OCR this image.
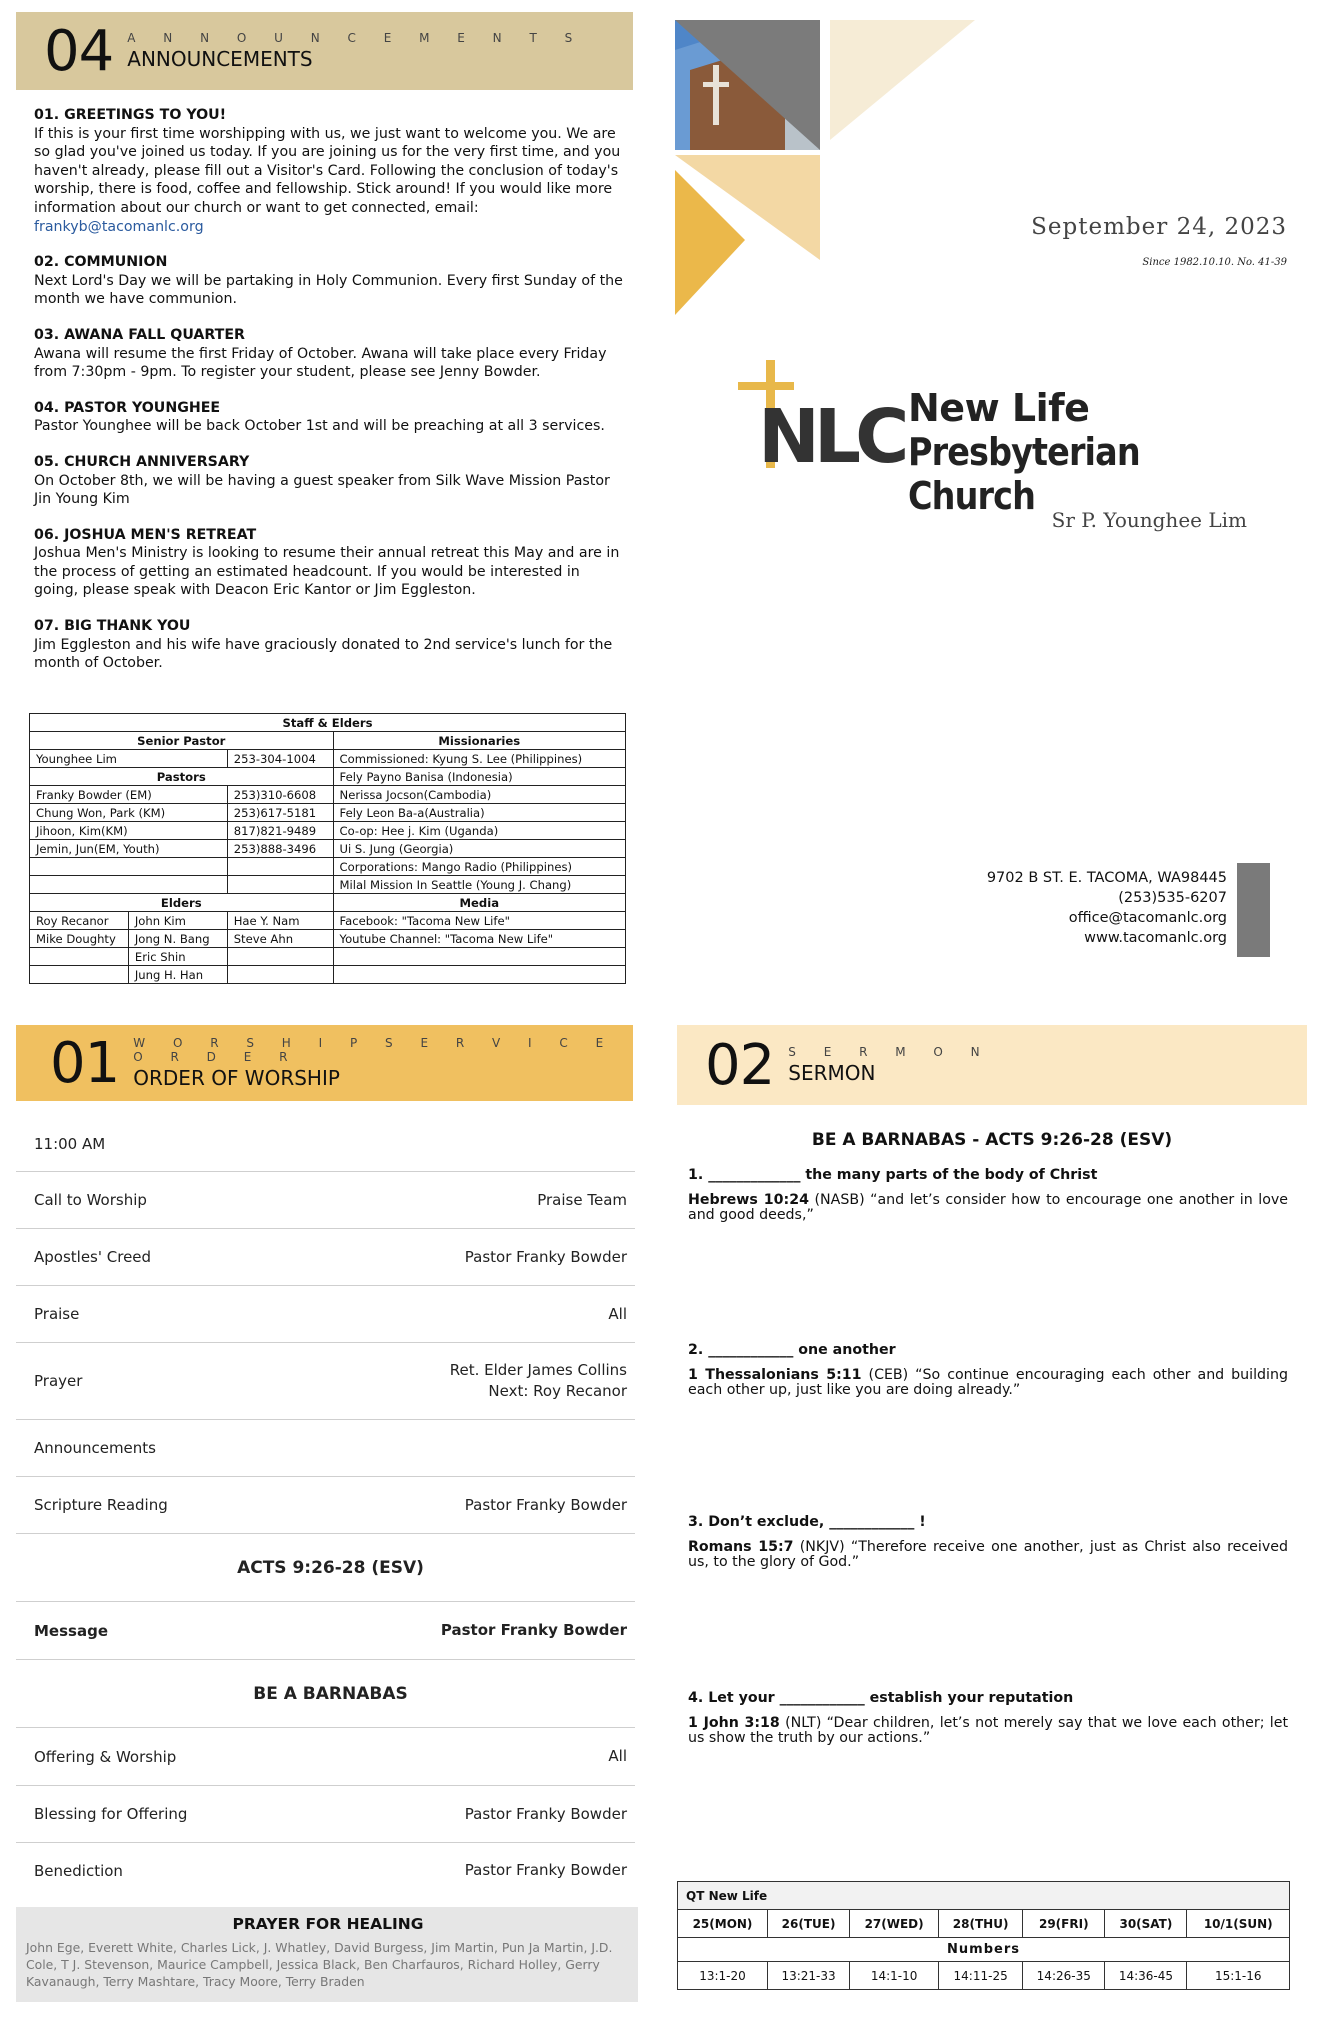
04 A N N O U N C E M E N T S
ANNOUNCEMENTS
01. GREETINGS TO YOU!
If this is your first time worshipping with us, we just want to welcome you. We are so glad you've joined us today. If you are joining us for the very first time, and you haven't already, please fill out a Visitor's Card. Following the conclusion of today's worship, there is food, coffee and fellowship. Stick around! If you would like more information about our church or want to get connected, email: frankyb@tacomanlc.org
02. COMMUNION
Next Lord's Day we will be partaking in Holy Communion. Every first Sunday of the month we have communion.
03. AWANA FALL QUARTER
Awana will resume the first Friday of October. Awana will take place every Friday from 7:30pm - 9pm. To register your student, please see Jenny Bowder.
04. PASTOR YOUNGHEE
Pastor Younghee will be back October 1st and will be preaching at all 3 services.
05. CHURCH ANNIVERSARY
On October 8th, we will be having a guest speaker from Silk Wave Mission Pastor Jin Young Kim
06. JOSHUA MEN'S RETREAT
Joshua Men's Ministry is looking to resume their annual retreat this May and are in the process of getting an estimated headcount. If you would be interested in going, please speak with Deacon Eric Kantor or Jim Eggleston.
07. BIG THANK YOU
Jim Eggleston and his wife have graciously donated to 2nd service's lunch for the month of October.
Staff & Elders			
Senior Pastor			Missionaries
Younghee Lim		253-304-1004	Commissioned: Kyung S. Lee (Philippines)
Pastors			Fely Payno Banisa (Indonesia)
Franky Bowder (EM)		253)310-6608	Nerissa Jocson(Cambodia)
Chung Won, Park (KM)		253)617-5181	Fely Leon Ba-a(Australia)
Jihoon, Kim(KM)		817)821-9489	Co-op: Hee j. Kim (Uganda)
Jemin, Jun(EM, Youth)		253)888-3496	Ui S. Jung (Georgia)
			Corporations: Mango Radio (Philippines)
			Milal Mission In Seattle (Young J. Chang)
Elders			Media
Roy Recanor	John Kim	Hae Y. Nam	Facebook: "Tacoma New Life"
Mike Doughty	Jong N. Bang	Steve Ahn	Youtube Channel: "Tacoma New Life"
	Eric Shin		
	Jung H. Han		
September 24, 2023
Since 1982.10.10. No. 41-39
NLC New Life
Presbyterian Church
Sr P. Younghee Lim
9702 B ST. E. TACOMA, WA98445
(253)535-6207
office@tacomanlc.org
www.tacomanlc.org
01 W O R S H I P S E R V I C E O R D E R
ORDER OF WORSHIP
11:00 AM
Call to Worship	Praise Team
Apostles' Creed	Pastor Franky Bowder
Praise	All
Prayer
Ret. Elder James Collins
Next: Roy Recanor
Announcements
Scripture Reading	Pastor Franky Bowder
ACTS 9:26-28 (ESV)
Message	Pastor Franky Bowder
BE A BARNABAS
Offering & Worship	All
Blessing for Offering	Pastor Franky Bowder
Benediction	Pastor Franky Bowder
PRAYER FOR HEALING
John Ege, Everett White, Charles Lick, J. Whatley, David Burgess, Jim Martin, Pun Ja Martin, J.D. Cole, T J. Stevenson, Maurice Campbell, Jessica Black, Ben Charfauros, Richard Holley, Gerry Kavanaugh, Terry Mashtare, Tracy Moore, Terry Braden
02 S E R M O N
SERMON
BE A BARNABAS - ACTS 9:26-28 (ESV)
1. _____________ the many parts of the body of Christ
Hebrews 10:24 (NASB) “and let’s consider how to encourage one another in love and good deeds,”
2. ____________ one another
1 Thessalonians 5:11 (CEB) “So continue encouraging each other and building each other up, just like you are doing already.”
3. Don’t exclude, ____________ !
Romans 15:7 (NKJV) “Therefore receive one another, just as Christ also received us, to the glory of God.”
4. Let your ____________ establish your reputation
1 John 3:18 (NLT) “Dear children, let’s not merely say that we love each other; let us show the truth by our actions.”
QT New Life						
25(MON)	26(TUE)	27(WED)	28(THU)	29(FRI)	30(SAT)	10/1(SUN)
Numbers						
13:1-20	13:21-33	14:1-10	14:11-25	14:26-35	14:36-45	15:1-16
